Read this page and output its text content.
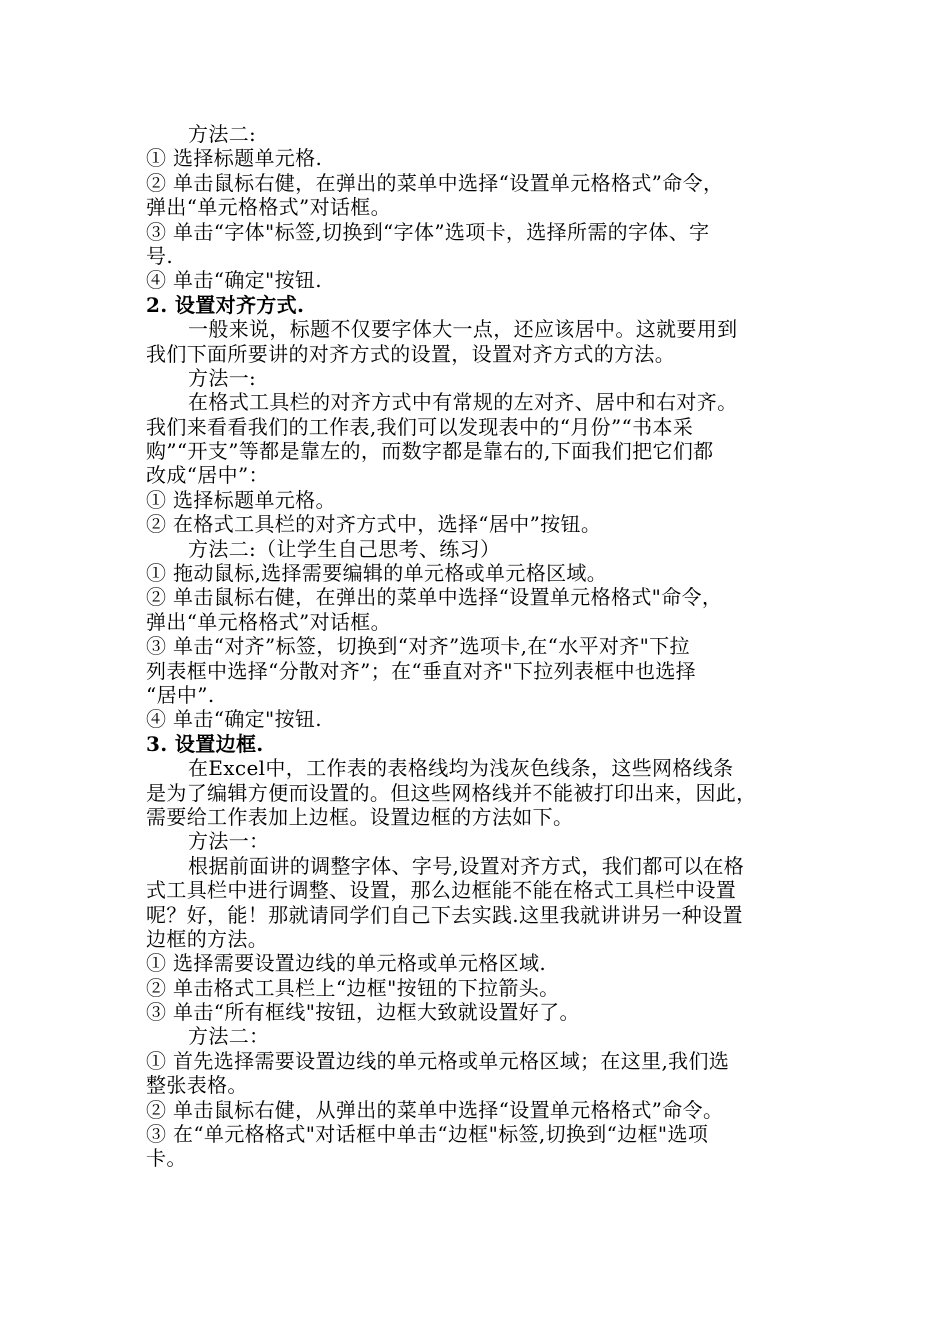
方法二:
① 选择标题单元格.
② 单击鼠标右健，在弹出的菜单中选择“设置单元格格式”命令，
弹出“单元格格式”对话框。
③ 单击“字体"标签,切换到“字体”选项卡，选择所需的字体、字
号.
④ 单击“确定"按钮.
2. 设置对齐方式.
一般来说，标题不仅要字体大一点，还应该居中。这就要用到
我们下面所要讲的对齐方式的设置，设置对齐方式的方法。
方法一:
在格式工具栏的对齐方式中有常规的左对齐、居中和右对齐。
我们来看看我们的工作表,我们可以发现表中的“月份”“书本采
购”“开支”等都是靠左的，而数字都是靠右的,下面我们把它们都
改成“居中”：
① 选择标题单元格。
② 在格式工具栏的对齐方式中，选择“居中”按钮。
方法二:（让学生自己思考、练习）
① 拖动鼠标,选择需要编辑的单元格或单元格区域。
② 单击鼠标右健，在弹出的菜单中选择“设置单元格格式"命令，
弹出“单元格格式”对话框。
③ 单击“对齐”标签，切换到“对齐”选项卡,在“水平对齐"下拉
列表框中选择“分散对齐”；在“垂直对齐"下拉列表框中也选择
“居中”.
④ 单击“确定"按钮.
3. 设置边框.
在Excel中，工作表的表格线均为浅灰色线条，这些网格线条
是为了编辑方便而设置的。但这些网格线并不能被打印出来，因此，
需要给工作表加上边框。设置边框的方法如下。
方法一：
根据前面讲的调整字体、字号,设置对齐方式，我们都可以在格
式工具栏中进行调整、设置，那么边框能不能在格式工具栏中设置
呢？好，能！那就请同学们自己下去实践.这里我就讲讲另一种设置
边框的方法。
① 选择需要设置边线的单元格或单元格区域.
② 单击格式工具栏上“边框"按钮的下拉箭头。
③ 单击“所有框线"按钮，边框大致就设置好了。
方法二：
① 首先选择需要设置边线的单元格或单元格区域；在这里,我们选
整张表格。
② 单击鼠标右健，从弹出的菜单中选择“设置单元格格式”命令。
③ 在“单元格格式"对话框中单击“边框"标签,切换到“边框"选项
卡。
